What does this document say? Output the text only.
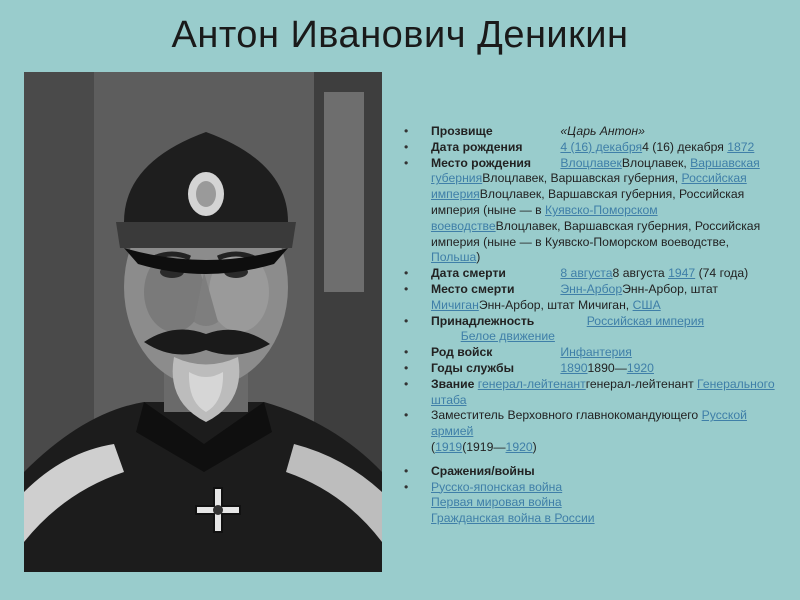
Антон Иванович Деникин
• Прозвище	«Царь Антон»
• Дата рождения	4 (16) декабря4 (16) декабря 1872
• Место рождения ВлоцлавекВлоцлавек, Варшавская губернияВлоцлавек, Варшавская губерния, Российская империяВлоцлавек, Варшавская губерния, Российская империя (ныне — в Куявско-Поморском воеводствеВлоцлавек, Варшавская губерния, Российская империя (ныне — в Куявско-Поморском воеводстве, Польша)
• Дата смерти	8 августа8 августа 1947 (74 года)
• Место смерти	Энн-АрборЭнн-Арбор, штат МичиганЭнн-Арбор, штат Мичиган, США
• Принадлежность	Российская империя
Белое движение
• Род войск	Инфантерия
• Годы службы	18901890—1920
• Звание генерал-лейтенантгенерал-лейтенант Генерального штаба
• Заместитель Верховного главнокомандующего Русской армией
(1919(1919—1920)
• Сражения/войны
• Русско-японская война
Первая мировая война
Гражданская война в России
